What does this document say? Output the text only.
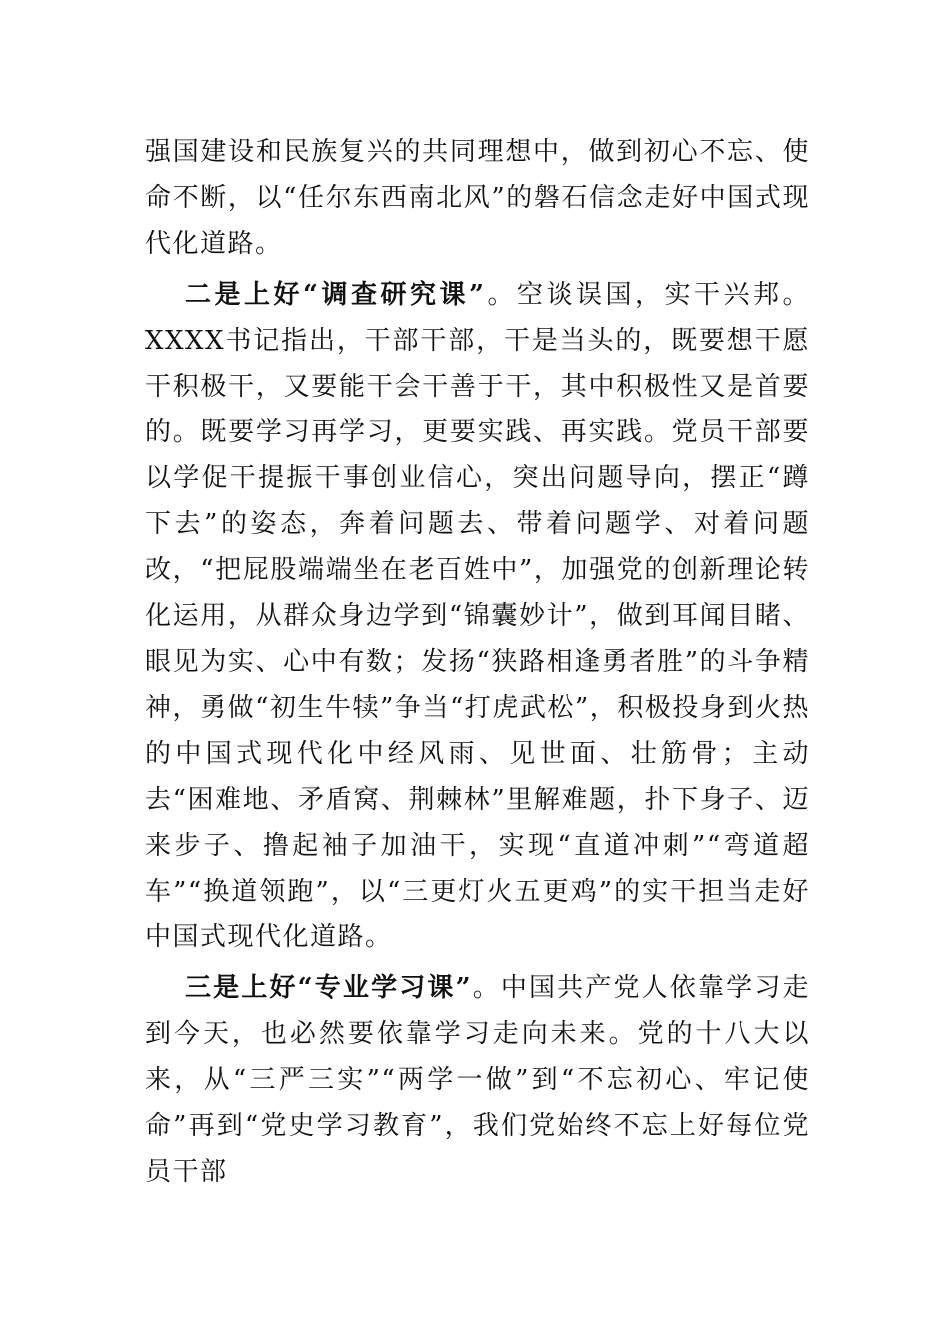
强国建设和民族复兴的共同理想中，做到初心不忘、使命不断，以“任尔东西南北风”的磐石信念走好中国式现代化道路。

二是上好“调查研究课”。空谈误国，实干兴邦。XXXX书记指出，干部干部，干是当头的，既要想干愿干积极干，又要能干会干善于干，其中积极性又是首要的。既要学习再学习，更要实践、再实践。党员干部要以学促干提振干事创业信心，突出问题导向，摆正“蹲下去”的姿态，奔着问题去、带着问题学、对着问题改，“把屁股端端坐在老百姓中”，加强党的创新理论转化运用，从群众身边学到“锦囊妙计”，做到耳闻目睹、眼见为实、心中有数；发扬“狭路相逢勇者胜”的斗争精神，勇做“初生牛犊”争当“打虎武松”，积极投身到火热的中国式现代化中经风雨、见世面、壮筋骨；主动去“困难地、矛盾窝、荆棘林”里解难题，扑下身子、迈来步子、撸起袖子加油干，实现“直道冲刺”“弯道超车”“换道领跑”，以“三更灯火五更鸡”的实干担当走好中国式现代化道路。

三是上好“专业学习课”。中国共产党人依靠学习走到今天，也必然要依靠学习走向未来。党的十八大以来，从“三严三实”“两学一做”到“不忘初心、牢记使命”再到“党史学习教育”，我们党始终不忘上好每位党员干部
